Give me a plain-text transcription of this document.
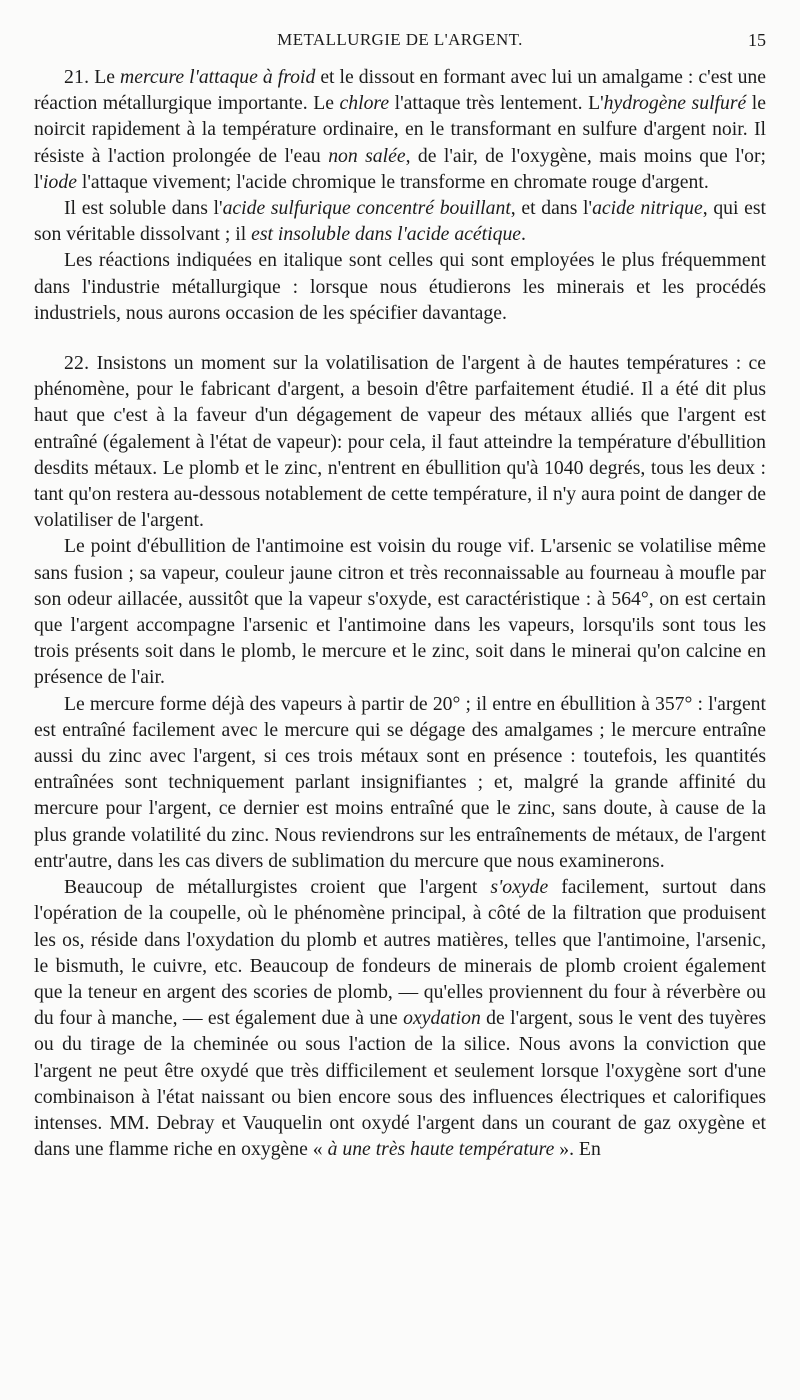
METALLURGIE DE L'ARGENT.	15

21. Le mercure l'attaque à froid et le dissout en formant avec lui un amalgame : c'est une réaction métallurgique importante. Le chlore l'attaque très lentement. L'hydrogène sulfuré le noircit rapidement à la température ordinaire, en le transformant en sulfure d'argent noir. Il résiste à l'action prolongée de l'eau non salée, de l'air, de l'oxygène, mais moins que l'or; l'iode l'attaque vivement; l'acide chromique le transforme en chromate rouge d'argent.

Il est soluble dans l'acide sulfurique concentré bouillant, et dans l'acide nitrique, qui est son véritable dissolvant ; il est insoluble dans l'acide acétique.

Les réactions indiquées en italique sont celles qui sont employées le plus fréquemment dans l'industrie métallurgique : lorsque nous étudierons les minerais et les procédés industriels, nous aurons occasion de les spécifier davantage.

22. Insistons un moment sur la volatilisation de l'argent à de hautes températures : ce phénomène, pour le fabricant d'argent, a besoin d'être parfaitement étudié. Il a été dit plus haut que c'est à la faveur d'un dégagement de vapeur des métaux alliés que l'argent est entraîné (également à l'état de vapeur): pour cela, il faut atteindre la température d'ébullition desdits métaux. Le plomb et le zinc, n'entrent en ébullition qu'à 1040 degrés, tous les deux : tant qu'on restera au-dessous notablement de cette température, il n'y aura point de danger de volatiliser de l'argent.

Le point d'ébullition de l'antimoine est voisin du rouge vif. L'arsenic se volatilise même sans fusion ; sa vapeur, couleur jaune citron et très reconnaissable au fourneau à moufle par son odeur aillacée, aussitôt que la vapeur s'oxyde, est caractéristique : à 564°, on est certain que l'argent accompagne l'arsenic et l'antimoine dans les vapeurs, lorsqu'ils sont tous les trois présents soit dans le plomb, le mercure et le zinc, soit dans le minerai qu'on calcine en présence de l'air.

Le mercure forme déjà des vapeurs à partir de 20° ; il entre en ébullition à 357° : l'argent est entraîné facilement avec le mercure qui se dégage des amalgames ; le mercure entraîne aussi du zinc avec l'argent, si ces trois métaux sont en présence : toutefois, les quantités entraînées sont techniquement parlant insignifiantes ; et, malgré la grande affinité du mercure pour l'argent, ce dernier est moins entraîné que le zinc, sans doute, à cause de la plus grande volatilité du zinc. Nous reviendrons sur les entraînements de métaux, de l'argent entr'autre, dans les cas divers de sublimation du mercure que nous examinerons.

Beaucoup de métallurgistes croient que l'argent s'oxyde facilement, surtout dans l'opération de la coupelle, où le phénomène principal, à côté de la filtration que produisent les os, réside dans l'oxydation du plomb et autres matières, telles que l'antimoine, l'arsenic, le bismuth, le cuivre, etc. Beaucoup de fondeurs de minerais de plomb croient également que la teneur en argent des scories de plomb, — qu'elles proviennent du four à réverbère ou du four à manche, — est également due à une oxydation de l'argent, sous le vent des tuyères ou du tirage de la cheminée ou sous l'action de la silice. Nous avons la conviction que l'argent ne peut être oxydé que très difficilement et seulement lorsque l'oxygène sort d'une combinaison à l'état naissant ou bien encore sous des influences électriques et calorifiques intenses. MM. Debray et Vauquelin ont oxydé l'argent dans un courant de gaz oxygène et dans une flamme riche en oxygène « à une très haute température ». En
